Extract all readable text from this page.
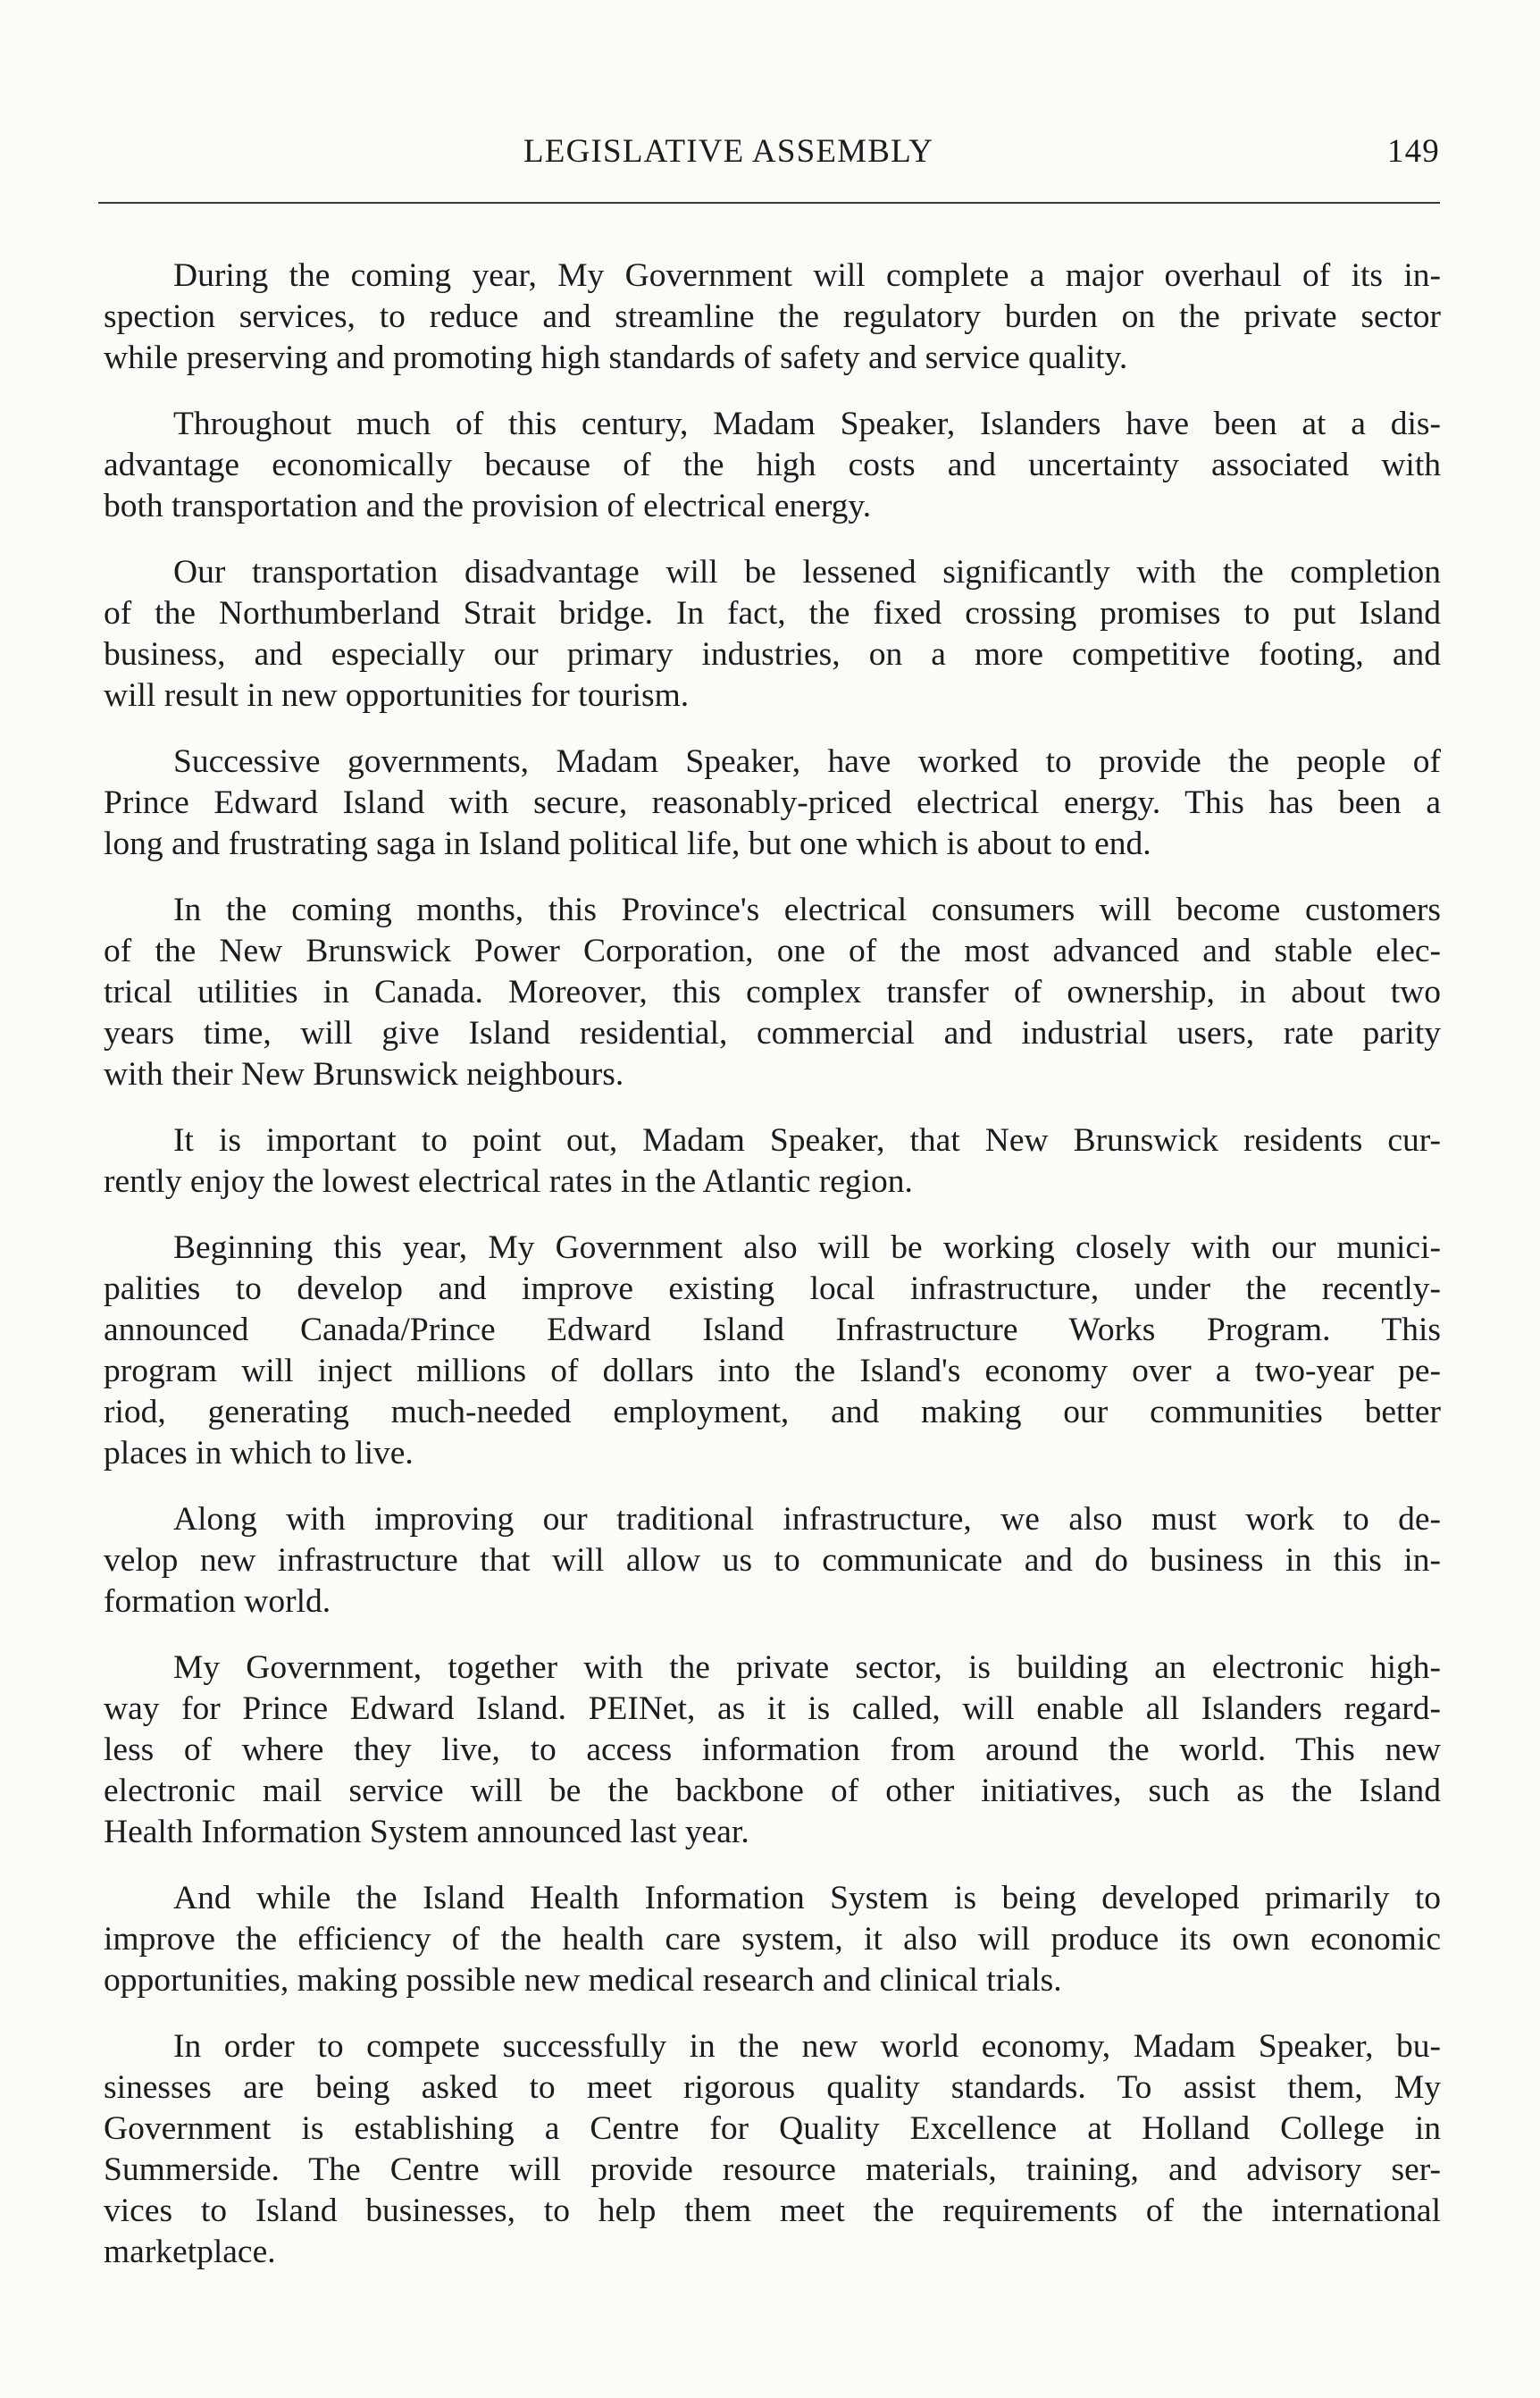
LEGISLATIVE ASSEMBLY	149
During the coming year, My Government will complete a major overhaul of its in-
spection services, to reduce and streamline the regulatory burden on the private sector
while preserving and promoting high standards of safety and service quality.
Throughout much of this century, Madam Speaker, Islanders have been at a dis-
advantage economically because of the high costs and uncertainty associated with
both transportation and the provision of electrical energy.
Our transportation disadvantage will be lessened significantly with the completion
of the Northumberland Strait bridge. In fact, the fixed crossing promises to put Island
business, and especially our primary industries, on a more competitive footing, and
will result in new opportunities for tourism.
Successive governments, Madam Speaker, have worked to provide the people of
Prince Edward Island with secure, reasonably-priced electrical energy. This has been a
long and frustrating saga in Island political life, but one which is about to end.
In the coming months, this Province's electrical consumers will become customers
of the New Brunswick Power Corporation, one of the most advanced and stable elec-
trical utilities in Canada. Moreover, this complex transfer of ownership, in about two
years time, will give Island residential, commercial and industrial users, rate parity
with their New Brunswick neighbours.
It is important to point out, Madam Speaker, that New Brunswick residents cur-
rently enjoy the lowest electrical rates in the Atlantic region.
Beginning this year, My Government also will be working closely with our munici-
palities to develop and improve existing local infrastructure, under the recently-
announced Canada/Prince Edward Island Infrastructure Works Program. This
program will inject millions of dollars into the Island's economy over a two-year pe-
riod, generating much-needed employment, and making our communities better
places in which to live.
Along with improving our traditional infrastructure, we also must work to de-
velop new infrastructure that will allow us to communicate and do business in this in-
formation world.
My Government, together with the private sector, is building an electronic high-
way for Prince Edward Island. PEINet, as it is called, will enable all Islanders regard-
less of where they live, to access information from around the world. This new
electronic mail service will be the backbone of other initiatives, such as the Island
Health Information System announced last year.
And while the Island Health Information System is being developed primarily to
improve the efficiency of the health care system, it also will produce its own economic
opportunities, making possible new medical research and clinical trials.
In order to compete successfully in the new world economy, Madam Speaker, bu-
sinesses are being asked to meet rigorous quality standards. To assist them, My
Government is establishing a Centre for Quality Excellence at Holland College in
Summerside. The Centre will provide resource materials, training, and advisory ser-
vices to Island businesses, to help them meet the requirements of the international
marketplace.
